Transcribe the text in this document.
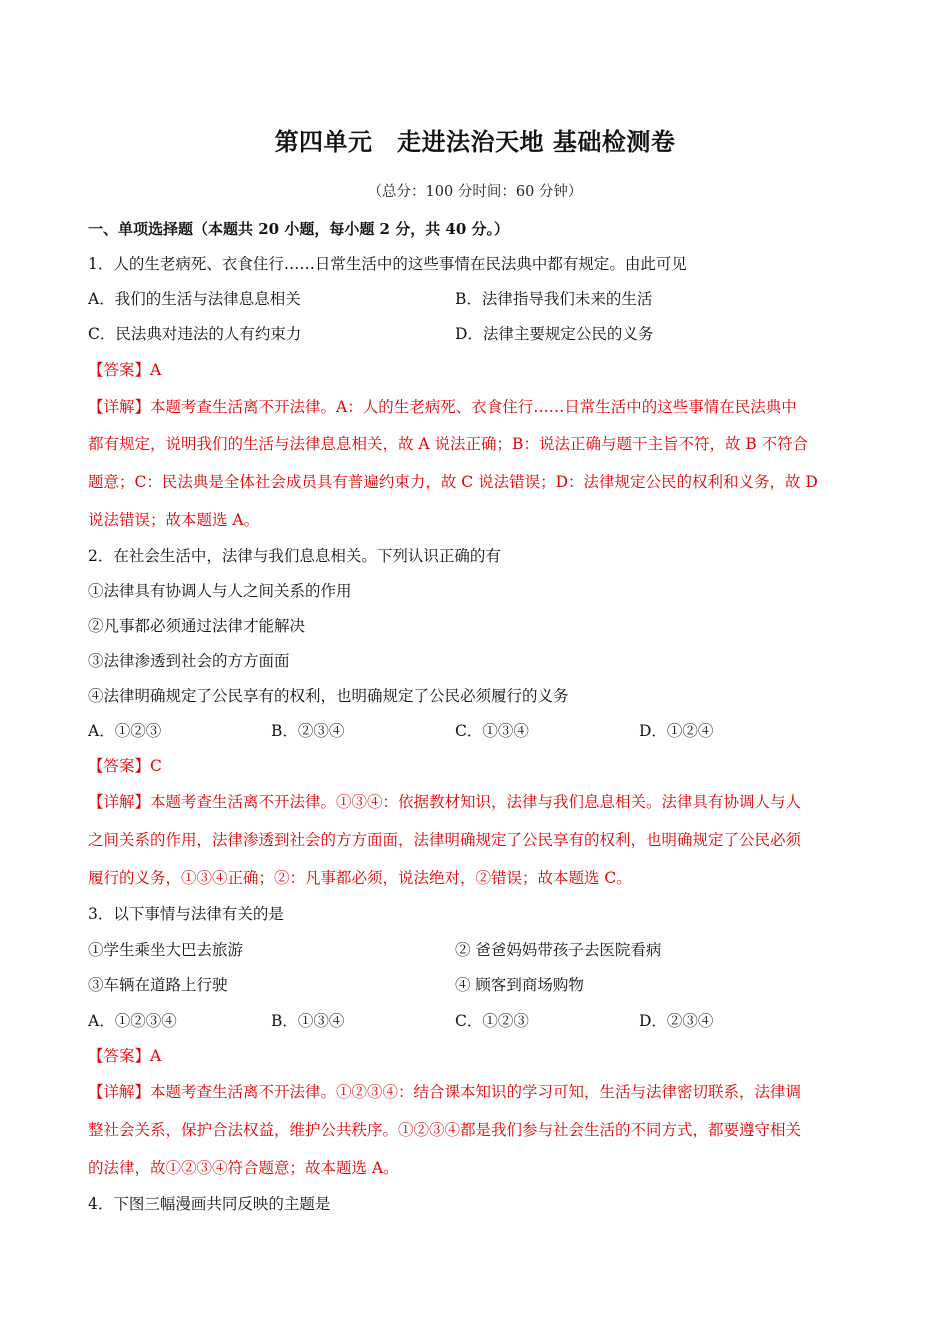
第四单元　走进法治天地 基础检测卷
（总分：100 分时间：60 分钟）
一、单项选择题（本题共 20 小题，每小题 2 分，共 40 分。）
1．人的生老病死、衣食住行……日常生活中的这些事情在民法典中都有规定。由此可见
A．我们的生活与法律息息相关	B．法律指导我们未来的生活
C．民法典对违法的人有约束力	D．法律主要规定公民的义务
【答案】A
【详解】本题考查生活离不开法律。A：人的生老病死、衣食住行……日常生活中的这些事情在民法典中
都有规定，说明我们的生活与法律息息相关，故 A 说法正确；B：说法正确与题干主旨不符，故 B 不符合
题意；C：民法典是全体社会成员具有普遍约束力，故 C 说法错误；D：法律规定公民的权利和义务，故 D
说法错误；故本题选 A。
2．在社会生活中，法律与我们息息相关。下列认识正确的有
①法律具有协调人与人之间关系的作用
②凡事都必须通过法律才能解决
③法律渗透到社会的方方面面
④法律明确规定了公民享有的权利，也明确规定了公民必须履行的义务
A．①②③	B．②③④	C．①③④	D．①②④
【答案】C
【详解】本题考查生活离不开法律。①③④：依据教材知识，法律与我们息息相关。法律具有协调人与人
之间关系的作用，法律渗透到社会的方方面面，法律明确规定了公民享有的权利，也明确规定了公民必须
履行的义务，①③④正确；②：凡事都必须，说法绝对，②错误；故本题选 C。
3．以下事情与法律有关的是
①学生乘坐大巴去旅游	② 爸爸妈妈带孩子去医院看病
③车辆在道路上行驶	④ 顾客到商场购物
A．①②③④	B．①③④	C．①②③	D．②③④
【答案】A
【详解】本题考查生活离不开法律。①②③④：结合课本知识的学习可知，生活与法律密切联系，法律调
整社会关系，保护合法权益，维护公共秩序。①②③④都是我们参与社会生活的不同方式，都要遵守相关
的法律，故①②③④符合题意；故本题选 A。
4．下图三幅漫画共同反映的主题是
